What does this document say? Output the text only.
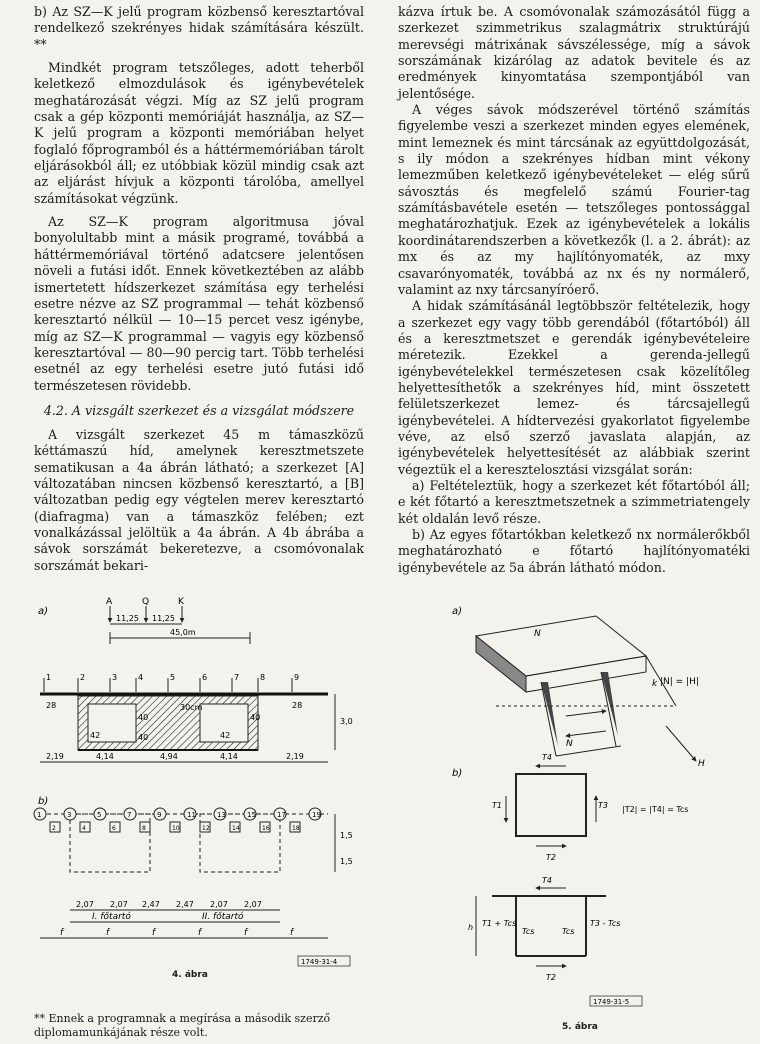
b) Az SZ—K jelű program közbenső keresztartóval rendelkező szekrényes hidak számítására készült. **

Mindkét program tetszőleges, adott teherből keletkező elmozdulások és igénybevételek meghatározását végzi. Míg az SZ jelű program csak a gép központi memóriáját használja, az SZ—K jelű program a központi memóriában helyet foglaló főprogramból és a háttérmemóriában tárolt eljárásokból áll; ez utóbbiak közül mindig csak azt az eljárást hívjuk a központi tárolóba, amellyel számításokat végzünk.

Az SZ—K program algoritmusa jóval bonyolultabb mint a másik programé, továbbá a háttérmemóriával történő adatcsere jelentősen növeli a futási időt. Ennek következtében az alább ismertetett hídszerkezet számítása egy terhelési esetre nézve az SZ programmal — tehát közbenső keresztartó nélkül — 10—15 percet vesz igénybe, míg az SZ—K programmal — vagyis egy közbenső keresztartóval — 80—90 percig tart. Több terhelési esetnél az egy terhelési esetre jutó futási idő természetesen rövidebb.

4.2. A vizsgált szerkezet és a vizsgálat módszere

A vizsgált szerkezet 45 m támaszközű kéttámaszú híd, amelynek keresztmetszete sematikusan a 4a ábrán látható; a szerkezet [A] változatában nincsen közbenső keresztartó, a [B] változatban pedig egy végtelen merev keresztartó (diafragma) van a támaszköz felében; ezt vonalkázással jelöltük a 4a ábrán. A 4b ábrába a sávok sorszámát bekeretezve, a csomóvonalak sorszámát bekari-

kázva írtuk be. A csomóvonalak számozásától függ a szerkezet szimmetrikus szalagmátrix struktúrájú merevségi mátrixának sávszélessége, míg a sávok sorszámának kizárólag az adatok bevitele és az eredmények kinyomtatása szempontjából van jelentősége.

A véges sávok módszerével történő számítás figyelembe veszi a szerkezet minden egyes elemének, mint lemeznek és mint tárcsának az együttdolgozását, s ily módon a szekrényes hídban mint vékony lemezműben keletkező igénybevételeket — elég sűrű sávosztás és megfelelő számú Fourier-tag számításbavétele esetén — tetszőleges pontossággal meghatározhatjuk. Ezek az igénybevételek a lokális koordinátarendszerben a következők (l. a 2. ábrát): az mx és az my hajlítónyomaték, az mxy csavarónyomaték, továbbá az nx és ny normálerő, valamint az nxy tárcsanyíróerő.

A hidak számításánál legtöbbször feltételezik, hogy a szerkezet egy vagy több gerendából (főtartóból) áll és a keresztmetszet e gerendák igénybevételeire méretezik. Ezekkel a gerenda-jellegű igénybevételekkel természetesen csak közelítőleg helyettesíthetők a szekrényes híd, mint összetett felületszerkezet lemez- és tárcsajellegű igénybevételei. A hídtervezési gyakorlatot figyelembe véve, az első szerző javaslata alapján, az igénybevételek helyettesítését az alábbiak szerint végeztük el a keresztelosztási vizsgálat során:

a) Feltételeztük, hogy a szerkezet két főtartóból áll; e két főtartó a keresztmetszetnek a szimmetriatengely két oldalán levő része.

b) Az egyes főtartókban keletkező nx normálerőkből meghatározható e főtartó hajlítónyomatéki igénybevétele az 5a ábrán látható módon.

a)
A	Q	K
11,25 11,25
45,0m
3,0
1	2	3	4	5	6	7	8	9
28
40
30cm
40
40
28
42	42
2,19	4,14	4,94	4,14	2,19
b)
1,5
1,5
1	3	5	7	9	11	13	15	17	19
2	4	6	8	10	12	14	16	18
2,07 2,07 2,47 2,47 2,07 2,07
I. főtartó	II. főtartó
f	f	f	f	f	f
1749-31-4
4. ábra
a)
N
N
k
H
|N| = |H|
b)
T4
T1	T3
T2
|T2| = |T4| = Tcs
T4
T1 + Tcs
Tcs	Tcs
T3 - Tcs
T2
h
1749-31-5
5. ábra
** Ennek a programnak a megírása a második szerző diplomamunkájának része volt.
